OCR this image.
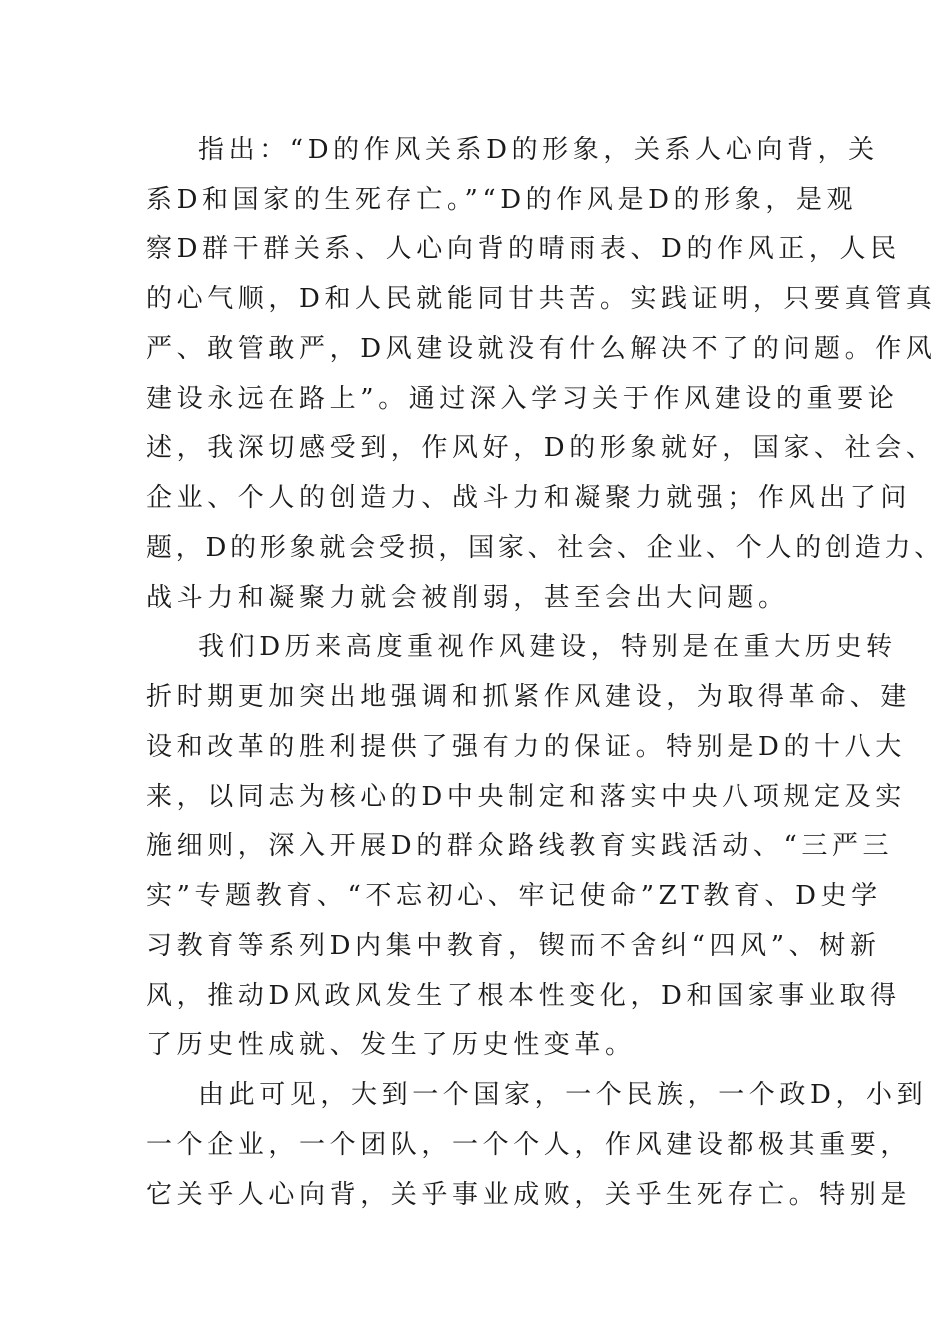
指出：“D的作风关系D的形象，关系人心向背，关
系D和国家的生死存亡。”“D的作风是D的形象，是观
察D群干群关系、人心向背的晴雨表、D的作风正，人民
的心气顺，D和人民就能同甘共苦。实践证明，只要真管真
严、敢管敢严，D风建设就没有什么解决不了的问题。作风
建设永远在路上”。通过深入学习关于作风建设的重要论
述，我深切感受到，作风好，D的形象就好，国家、社会、
企业、个人的创造力、战斗力和凝聚力就强；作风出了问
题，D的形象就会受损，国家、社会、企业、个人的创造力、
战斗力和凝聚力就会被削弱，甚至会出大问题。
我们D历来高度重视作风建设，特别是在重大历史转
折时期更加突出地强调和抓紧作风建设，为取得革命、建
设和改革的胜利提供了强有力的保证。特别是D的十八大
来，以同志为核心的D中央制定和落实中央八项规定及实
施细则，深入开展D的群众路线教育实践活动、“三严三
实”专题教育、“不忘初心、牢记使命”ZT教育、D史学
习教育等系列D内集中教育，锲而不舍纠“四风”、树新
风，推动D风政风发生了根本性变化，D和国家事业取得
了历史性成就、发生了历史性变革。
由此可见，大到一个国家，一个民族，一个政D，小到
一个企业，一个团队，一个个人，作风建设都极其重要，
它关乎人心向背，关乎事业成败，关乎生死存亡。特别是
